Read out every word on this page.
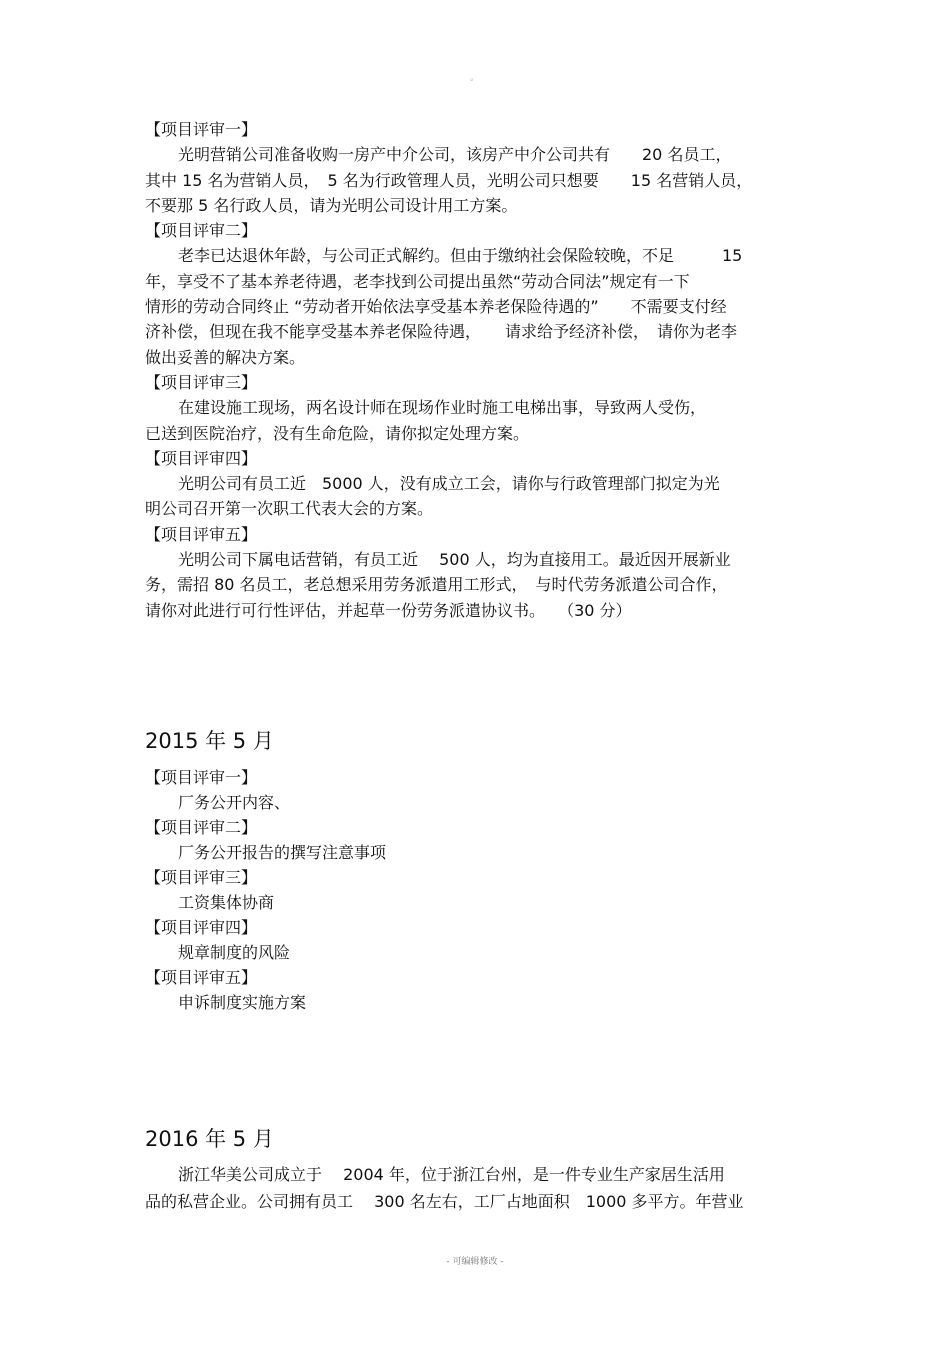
。
【项目评审一】
光明营销公司准备收购一房产中介公司，该房产中介公司共有　　20 名员工，
其中 15 名为营销人员，　5 名为行政管理人员，光明公司只想要　　15 名营销人员，
不要那 5 名行政人员，请为光明公司设计用工方案。
【项目评审二】
老李已达退休年龄，与公司正式解约。但由于缴纳社会保险较晚，不足　　　15
年，享受不了基本养老待遇，老李找到公司提出虽然“劳动合同法”规定有一下
情形的劳动合同终止 “劳动者开始依法享受基本养老保险待遇的”　　不需要支付经
济补偿，但现在我不能享受基本养老保险待遇，　　请求给予经济补偿，　请你为老李
做出妥善的解决方案。
【项目评审三】
在建设施工现场，两名设计师在现场作业时施工电梯出事，导致两人受伤，
已送到医院治疗，没有生命危险，请你拟定处理方案。
【项目评审四】
光明公司有员工近　5000 人，没有成立工会，请你与行政管理部门拟定为光
明公司召开第一次职工代表大会的方案。
【项目评审五】
光明公司下属电话营销，有员工近　 500 人，均为直接用工。最近因开展新业
务，需招 80 名员工，老总想采用劳务派遣用工形式，　与时代劳务派遣公司合作，
请你对此进行可行性评估，并起草一份劳务派遣协议书。　 （30 分）
2015 年 5 月
【项目评审一】
厂务公开内容、
【项目评审二】
厂务公开报告的撰写注意事项
【项目评审三】
工资集体协商
【项目评审四】
规章制度的风险
【项目评审五】
申诉制度实施方案
2016 年 5 月
浙江华美公司成立于　 2004 年，位于浙江台州，是一件专业生产家居生活用
品的私营企业。公司拥有员工　 300 名左右，工厂占地面积　1000 多平方。年营业
- 可编辑修改 -
